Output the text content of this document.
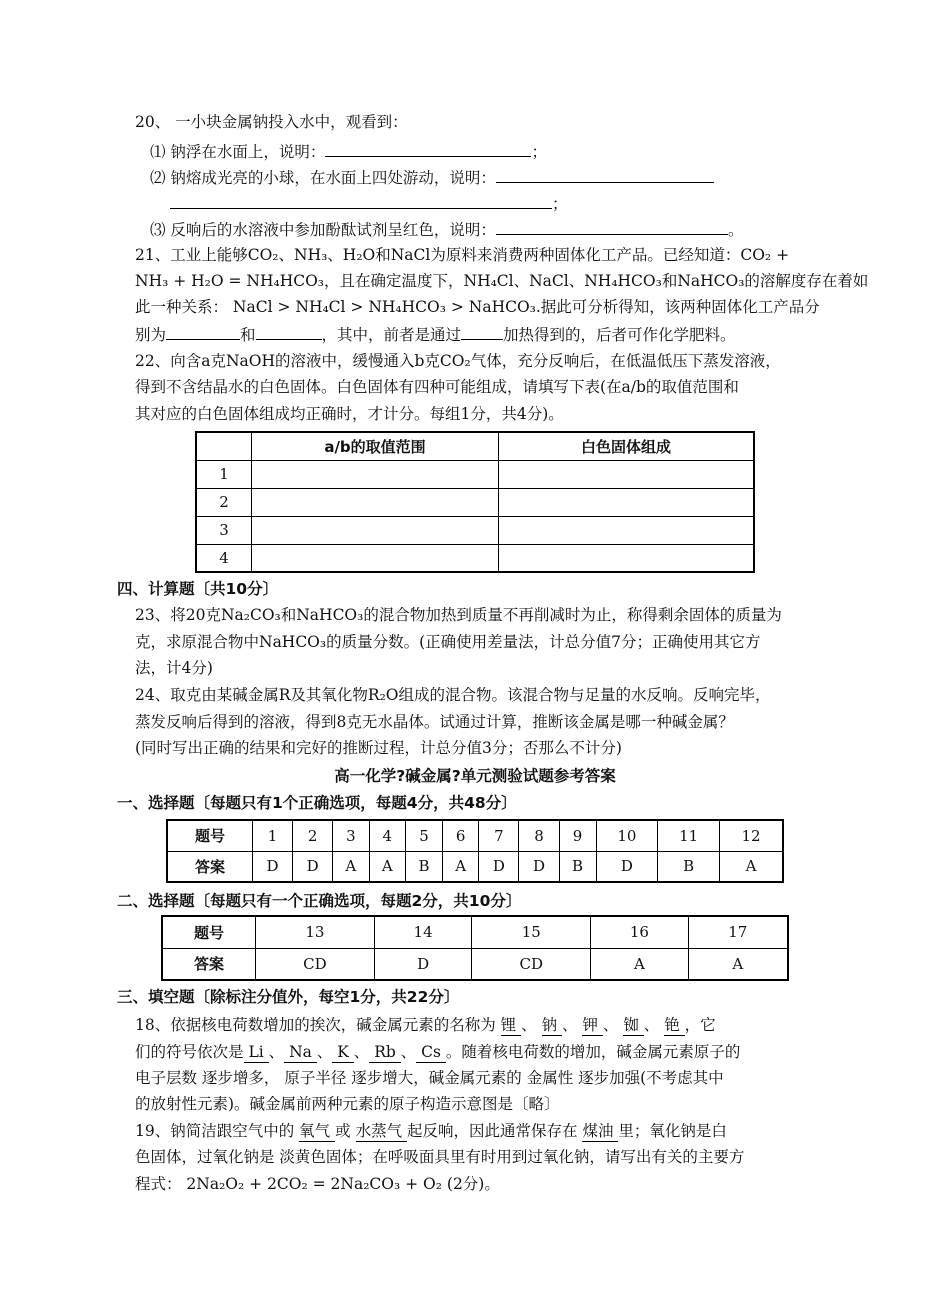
20、 一小块金属钠投入水中，观看到：
⑴ 钠浮在水面上，说明：	；
⑵ 钠熔成光亮的小球，在水面上四处游动，说明：
；
⑶ 反响后的水溶液中参加酚酞试剂呈红色，说明：	。
21、工业上能够CO₂、NH₃、H₂O和NaCl为原料来消费两种固体化工产品。已经知道：CO₂ +
NH₃ + H₂O = NH₄HCO₃，且在确定温度下，NH₄Cl、NaCl、NH₄HCO₃和NaHCO₃的溶解度存在着如
此一种关系： NaCl > NH₄Cl > NH₄HCO₃ > NaHCO₃.据此可分析得知，该两种固体化工产品分
别为	和	，其中，前者是通过	加热得到的，后者可作化学肥料。
22、向含a克NaOH的溶液中，缓慢通入b克CO₂气体，充分反响后，在低温低压下蒸发溶液，
得到不含结晶水的白色固体。白色固体有四种可能组成，请填写下表(在a/b的取值范围和
其对应的白色固体组成均正确时，才计分。每组1分，共4分)。
	a/b的取值范围	白色固体组成
1		
2		
3		
4		
四、计算题〔共10分〕
23、将20克Na₂CO₃和NaHCO₃的混合物加热到质量不再削减时为止，称得剩余固体的质量为
克，求原混合物中NaHCO₃的质量分数。(正确使用差量法，计总分值7分；正确使用其它方
法，计4分)
24、取克由某碱金属R及其氧化物R₂O组成的混合物。该混合物与足量的水反响。反响完毕，
蒸发反响后得到的溶液，得到8克无水晶体。试通过计算，推断该金属是哪一种碱金属？
(同时写出正确的结果和完好的推断过程，计总分值3分；否那么不计分)
高一化学?碱金属?单元测验试题参考答案
一、选择题〔每题只有1个正确选项，每题4分，共48分〕
题号	1	2	3	4	5	6	7	8	9	10	11	12
答案	D	D	A	A	B	A	D	D	B	D	B	A
二、选择题〔每题只有一个正确选项，每题2分，共10分〕
题号	13	14	15	16	17
答案	CD	D	CD	A	A
三、填空题〔除标注分值外，每空1分，共22分〕
18、依据核电荷数增加的挨次，碱金属元素的名称为 锂 、 钠 、 钾 、 铷 、 铯 ，它
们的符号依次是 Li 、 Na 、 K 、 Rb 、 Cs 。随着核电荷数的增加，碱金属元素原子的
电子层数 逐步增多， 原子半径 逐步增大，碱金属元素的 金属性 逐步加强(不考虑其中
的放射性元素)。碱金属前两种元素的原子构造示意图是〔略〕
19、钠简洁跟空气中的 氧气 或 水蒸气 起反响，因此通常保存在 煤油 里；氧化钠是白
色固体，过氧化钠是 淡黄色固体；在呼吸面具里有时用到过氧化钠，请写出有关的主要方
程式： 2Na₂O₂ + 2CO₂ = 2Na₂CO₃ + O₂ (2分)。
